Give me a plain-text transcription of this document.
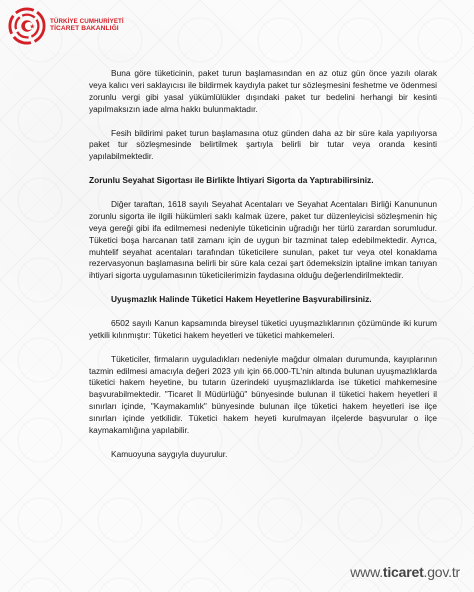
TÜRKİYE CUMHURİYETİ
TİCARET BAKANLIĞI

Buna göre tüketicinin, paket turun başlamasından en az otuz gün önce yazılı olarak veya kalıcı veri saklayıcısı ile bildirmek kaydıyla paket tur sözleşmesini feshetme ve ödenmesi zorunlu vergi gibi yasal yükümlülükler dışındaki paket tur bedelini herhangi bir kesinti yapılmaksızın iade alma hakkı bulunmaktadır.

Fesih bildirimi paket turun başlamasına otuz günden daha az bir süre kala yapılıyorsa paket tur sözleşmesinde belirtilmek şartıyla belirli bir tutar veya oranda kesinti yapılabilmektedir.

Zorunlu Seyahat Sigortası ile Birlikte İhtiyari Sigorta da Yaptırabilirsiniz.

Diğer taraftan, 1618 sayılı Seyahat Acentaları ve Seyahat Acentaları Birliği Kanununun zorunlu sigorta ile ilgili hükümleri saklı kalmak üzere, paket tur düzenleyicisi sözleşmenin hiç veya gereği gibi ifa edilmemesi nedeniyle tüketicinin uğradığı her türlü zarardan sorumludur. Tüketici boşa harcanan tatil zamanı için de uygun bir tazminat talep edebilmektedir. Ayrıca, muhtelif seyahat acentaları tarafından tüketicilere sunulan, paket tur veya otel konaklama rezervasyonun başlamasına belirli bir süre kala cezai şart ödemeksizin iptaline imkan tanıyan ihtiyari sigorta uygulamasının tüketicilerimizin faydasına olduğu değerlendirilmektedir.

Uyuşmazlık Halinde Tüketici Hakem Heyetlerine Başvurabilirsiniz.

6502 sayılı Kanun kapsamında bireysel tüketici uyuşmazlıklarının çözümünde iki kurum yetkili kılınmıştır: Tüketici hakem heyetleri ve tüketici mahkemeleri.

Tüketiciler, firmaların uyguladıkları nedeniyle mağdur olmaları durumunda, kayıplarının tazmin edilmesi amacıyla değeri 2023 yılı için 66.000-TL'nin altında bulunan uyuşmazlıklarda tüketici hakem heyetine, bu tutarın üzerindeki uyuşmazlıklarda ise tüketici mahkemesine başvurabilmektedir. "Ticaret İl Müdürlüğü" bünyesinde bulunan il tüketici hakem heyetleri il sınırları içinde, "Kaymakamlık" bünyesinde bulunan ilçe tüketici hakem heyetleri ise ilçe sınırları içinde yetkilidir. Tüketici hakem heyeti kurulmayan ilçelerde başvurular o ilçe kaymakamlığına yapılabilir.

Kamuoyuna saygıyla duyurulur.

www.ticaret.gov.tr
